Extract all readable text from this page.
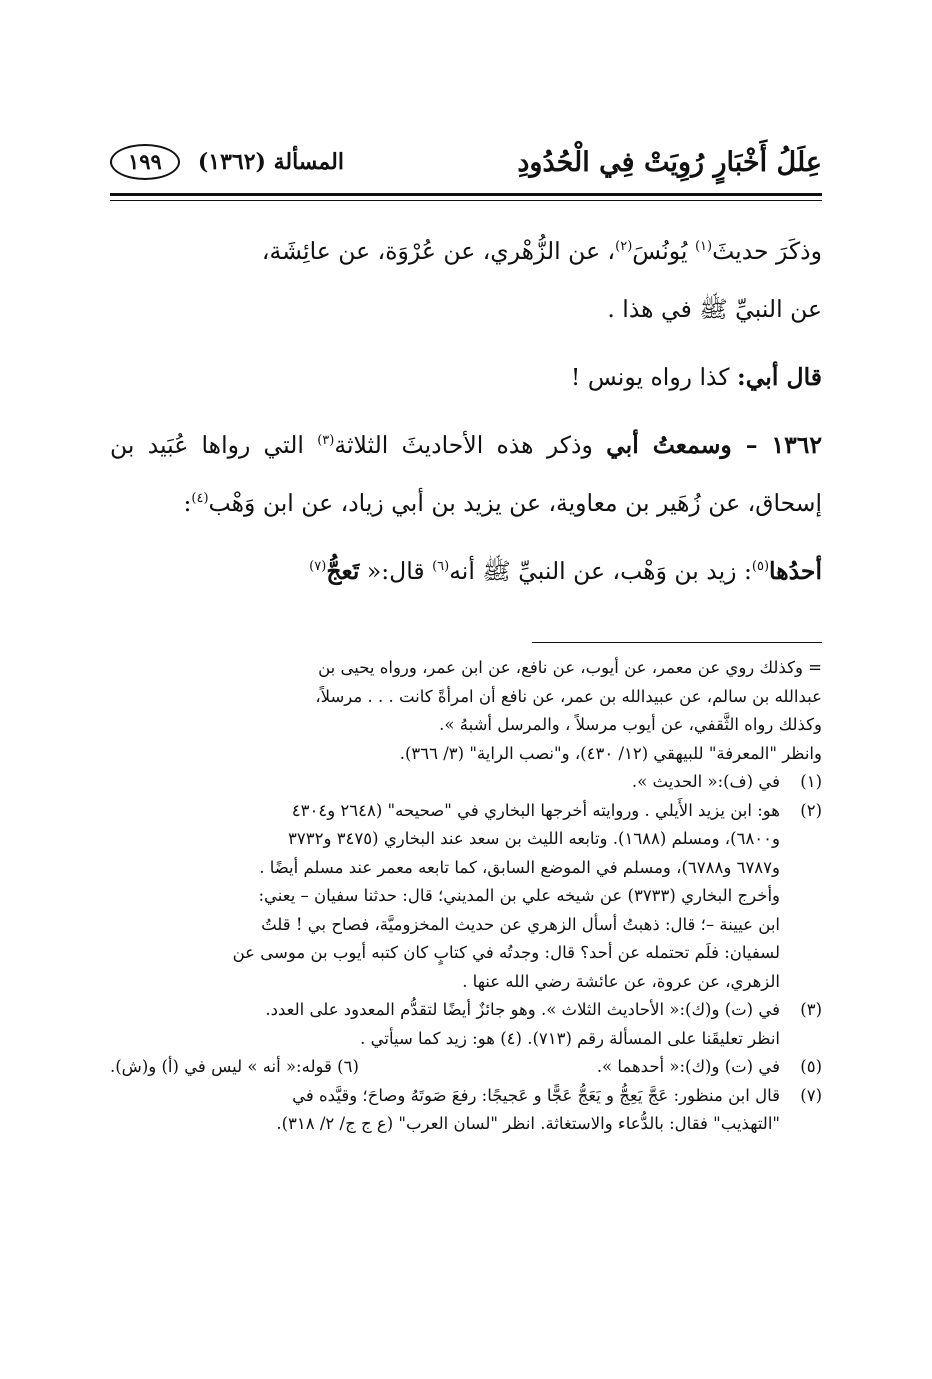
عِلَلُ أَخْبَارٍ رُوِيَتْ فِي الْحُدُودِ
المسألة (١٣٦٢)
١٩٩

وذكَرَ حديثَ$^{(١)}$ يُونُسَ$^{(٢)}$، عن الزُّهْري، عن عُرْوَة، عن عائِشَة،
عن النبيِّ ﷺ في هذا .

قال أبي: كذا رواه يونس !

١٣٦٢ – وسمعتُ أبي وذكر هذه الأحاديثَ الثلاثة$^{(٣)}$ التي رواها عُبَيد بن إسحاق، عن زُهَير بن معاوية، عن يزيد بن أبي زياد، عن ابن وَهْب$^{(٤)}$:

أحدُها$^{(٥)}$: زيد بن وَهْب، عن النبيِّ ﷺ أنه$^{(٦)}$ قال:« تَعجُّ$^{(٧)}$

= وكذلك روي عن معمر، عن أيوب، عن نافع، عن ابن عمر، ورواه يحيى بن

عبدالله بن سالم، عن عبيدالله بن عمر، عن نافع أن امرأةً كانت . . . مرسلاً،

وكذلك رواه الثَّقفي، عن أيوب مرسلاً ، والمرسل أشبهُ ».

وانظر "المعرفة" للبيهقي (١٢/ ٤٣٠)، و"نصب الراية" (٣/ ٣٦٦).

(١)

في (ف):« الحديث ».

(٢)

هو: ابن يزيد الأَيلي . وروايته أخرجها البخاري في "صحيحه" (٢٦٤٨ و٤٣٠٤

و٦٨٠٠)، ومسلم (١٦٨٨). وتابعه الليث بن سعد عند البخاري (٣٤٧٥ و٣٧٣٢

و٦٧٨٧ و٦٧٨٨)، ومسلم في الموضع السابق، كما تابعه معمر عند مسلم أيضًا .

وأخرج البخاري (٣٧٣٣) عن شيخه علي بن المديني؛ قال: حدثنا سفيان – يعني:

ابن عيينة –؛ قال: ذهبتُ أسأل الزهري عن حديث المخزوميَّة، فصاح بي ! قلتُ

لسفيان: فلَم تحتمله عن أحد؟ قال: وجدتُه في كتابٍ كان كتبه أيوب بن موسى عن

الزهري، عن عروة، عن عائشة رضي الله عنها .

(٣)

في (ت) و(ك):« الأحاديث الثلاث ». وهو جائزٌ أيضًا لتقدُّم المعدود على العدد.

انظر تعليقَنا على المسألة رقم (٧١٣). (٤) هو: زيد كما سيأتي .

(٥)
في (ت) و(ك):« أحدهما ».
(٦) قوله:« أنه » ليس في (أ) و(ش).
(٧)

قال ابن منظور: عَجَّ يَعِجُّ و يَعَجُّ عَجًّا و عَجيجًا: رفعَ صَوتَهُ وصاحَ؛ وقيَّده في

"التهذيب" فقال: بالدُّعاء والاستغاثة. انظر "لسان العرب" (ع ج ج/ ٢/ ٣١٨).
